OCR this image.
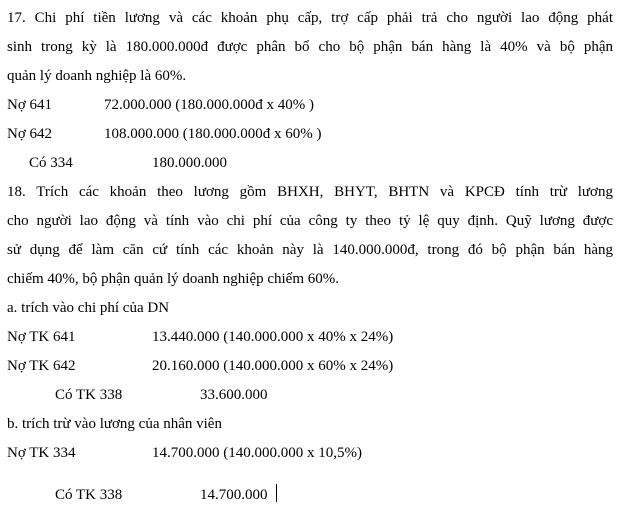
17. Chi phí tiền lương và các khoản phụ cấp, trợ cấp phải trả cho người lao động phát
sinh trong kỳ là 180.000.000đ được phân bổ cho bộ phận bán hàng là 40% và bộ phận
quản lý doanh nghiệp là 60%.
Nợ 641	72.000.000 (180.000.000đ x 40% )
Nợ 642	108.000.000 (180.000.000đ x 60% )
Có 334	180.000.000
18. Trích các khoản theo lương gồm BHXH, BHYT, BHTN và KPCĐ tính trừ lương
cho người lao động và tính vào chi phí của công ty theo tỷ lệ quy định. Quỹ lương được
sử dụng để làm căn cứ tính các khoản này là 140.000.000đ, trong đó bộ phận bán hàng
chiếm 40%, bộ phận quản lý doanh nghiệp chiếm 60%.
a. trích vào chi phí của DN
Nợ TK 641	13.440.000 (140.000.000 x 40% x 24%)
Nợ TK 642	20.160.000 (140.000.000 x 60% x 24%)
Có TK 338	33.600.000
b. trích trừ vào lương của nhân viên
Nợ TK 334	14.700.000 (140.000.000 x 10,5%)
Có TK 338	14.700.000
